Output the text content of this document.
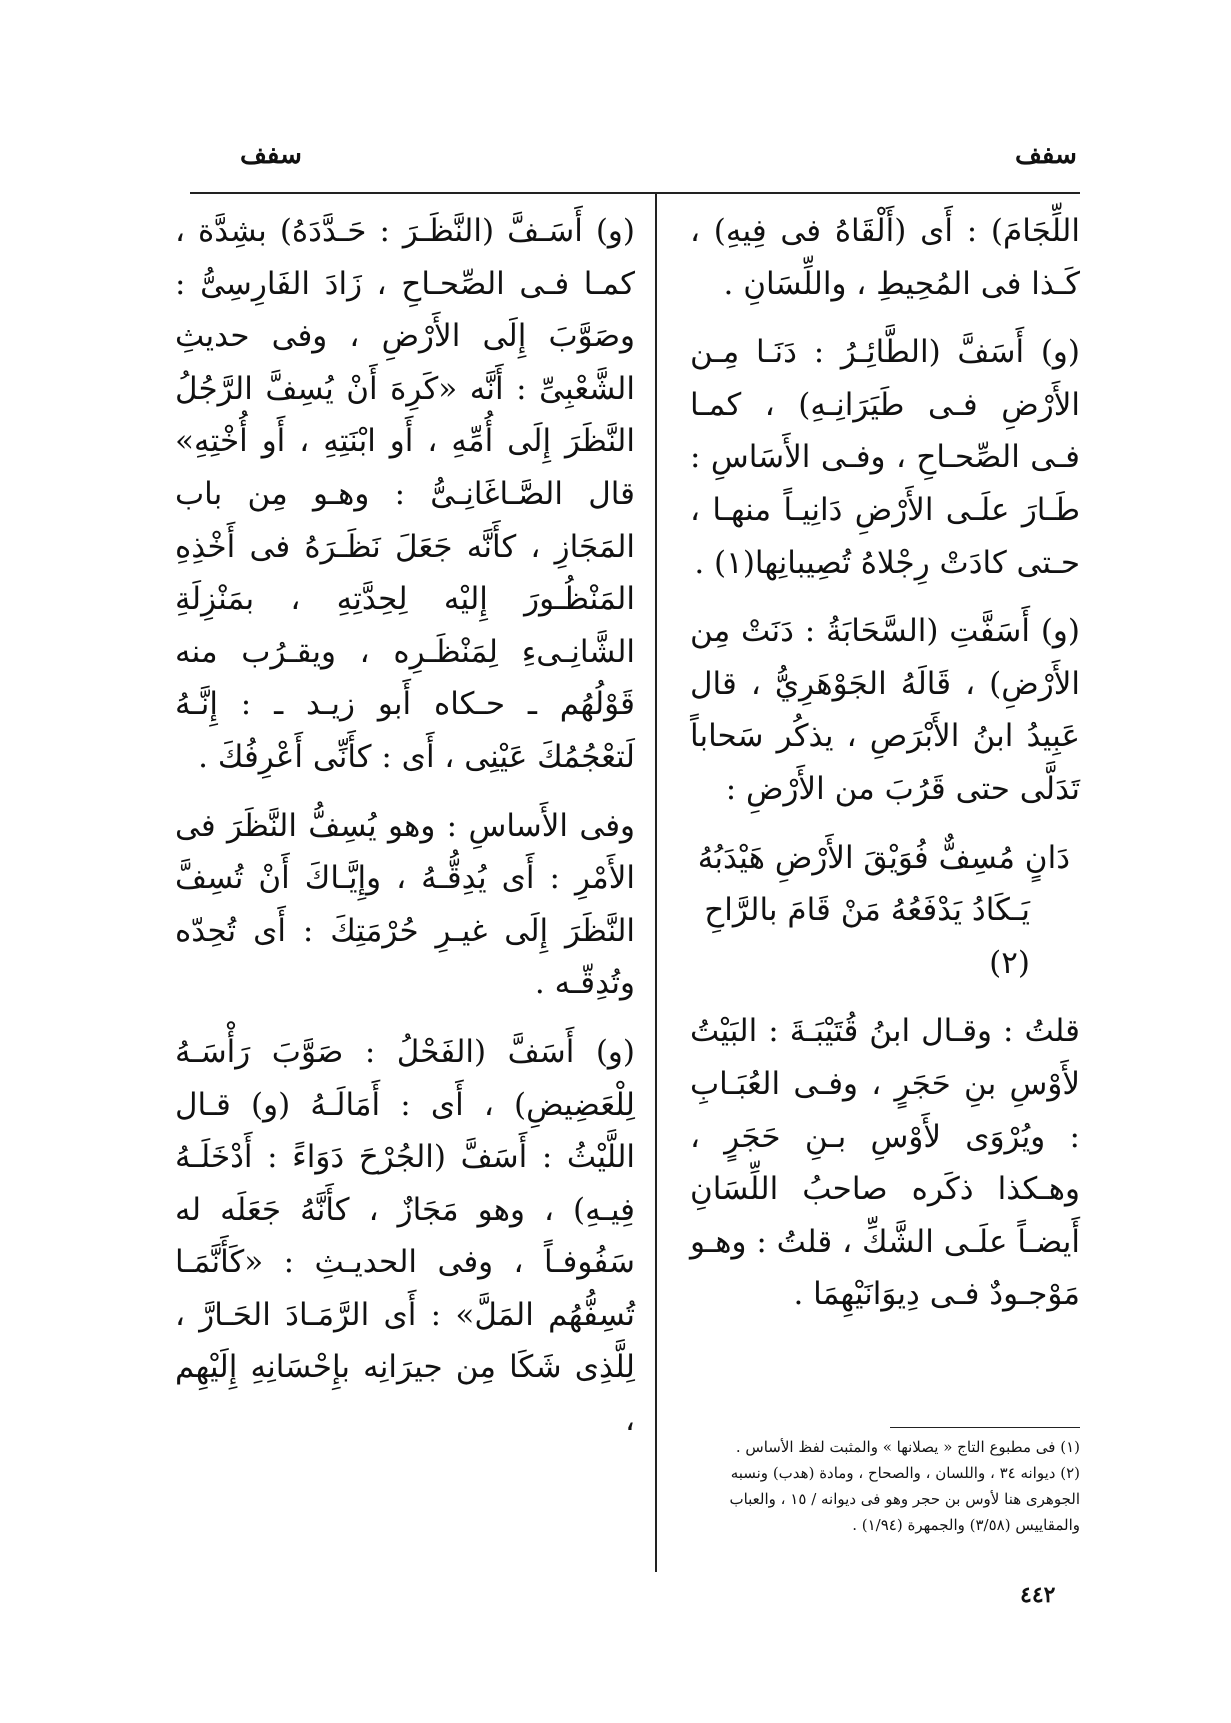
سفف
سفف

اللِّجَامَ) : أَى (أَلْقَاهُ فى فِيهِ) ، كَـذا فى المُحِيطِ ، واللِّسَانِ .

(و) أَسَفَّ (الطَّائِـرُ : دَنَـا مِـن الأَرْضِ فـى طَيَرَانِـهِ) ، كمـا فـى الصِّحـاحِ ، وفـى الأَسَاسِ : طَـارَ علَـى الأَرْضِ دَانِيـاً منهـا ، حـتى كادَتْ رِجْلاهُ تُصِيبانِها(١) .

(و) أَسَفَّتِ (السَّحَابَةُ : دَنَتْ مِن الأَرْضِ) ، قَالَهُ الجَوْهَرِيُّ ، قال عَبِيدُ ابنُ الأَبْرَصِ ، يذكُر سَحاباً تَدَلَّى حتى قَرُبَ من الأَرْضِ :

دَانٍ مُسِفٌّ فُوَيْقَ الأَرْضِ هَيْدَبُهُ
يَـكَادُ يَدْفَعُهُ مَنْ قَامَ بالرَّاحِ (٢)

قلتُ : وقـال ابنُ قُتَيْبَـةَ : البَيْتُ لأَوْسِ بنِ حَجَرٍ ، وفـى العُبَـابِ : ويُرْوَى لأَوْسِ بـنِ حَجَرٍ ، وهـكذا ذكَره صاحبُ اللِّسَانِ أَيضـاً علَـى الشَّكِّ ، قلتُ : وهـو مَوْجـودٌ فـى دِيوَانَيْهِمَا .

(و) أَسَـفَّ (النَّظَـرَ : حَـدَّدَهُ) بشِدَّة ، كمـا فـى الصِّحـاحِ ، زَادَ الفَارِسِىُّ : وصَوَّبَ إِلَى الأَرْضِ ، وفى حديثِ الشَّعْبِىِّ : أَنَّه «كَرِهَ أَنْ يُسِفَّ الرَّجُلُ النَّظَرَ إِلَى أُمِّهِ ، أَو ابْنَتِهِ ، أَو أُخْتِهِ» قال الصَّـاغَانِـىُّ : وهـو مِن باب المَجَازِ ، كأَنَّه جَعَلَ نَظَـرَهُ فى أَخْذِهِ المَنْظُـورَ إِليْه لِحِدَّتِهِ ، بمَنْزِلَةِ الشَّانِـىءِ لِمَنْظَـرِه ، ويقـرُب منه قَوْلُهُم ـ حـكاه أَبو زيـد ـ : إِنَّـهُ لَتعْجُمُكَ عَيْنِى ، أَى : كأَنِّى أَعْرِفُكَ .

وفى الأَساسِ : وهو يُسِفُّ النَّظَرَ فى الأَمْرِ : أَى يُدِقُّـهُ ، وإِيَّـاكَ أَنْ تُسِفَّ النَّظَرَ إِلَى غيـرِ حُرْمَتِكَ : أَى تُحِدّه وتُدِقّـه .

(و) أَسَفَّ (الفَحْلُ : صَوَّبَ رَأْسَـهُ لِلْعَضِيضِ) ، أَى : أَمَالَـهُ (و) قـال اللَّيْثُ : أَسَفَّ (الجُرْحَ دَوَاءً : أَدْخَلَـهُ فِيـهِ) ، وهو مَجَازٌ ، كأَنَّهُ جَعَلَه له سَفُوفـاً ، وفى الحديـثِ : «كَأَنَّمَـا تُسِفُّهُم المَلَّ» : أَى الرَّمَـادَ الحَـارَّ ، لِلَّذِى شَكَا مِن جيرَانِه بإِحْسَانِهِ إِلَيْهِم ،

(١) فى مطبوع التاج « يصلانها » والمثبت لفظ الأساس .
(٢) ديوانه ٣٤ ، واللسان ، والصحاح ، ومادة (هدب) ونسبه الجوهرى هنا لأوس بن حجر وهو فى ديوانه / ١٥ ، والعباب والمقاييس (٣/٥٨) والجمهرة (١/٩٤) .
٤٤٢
